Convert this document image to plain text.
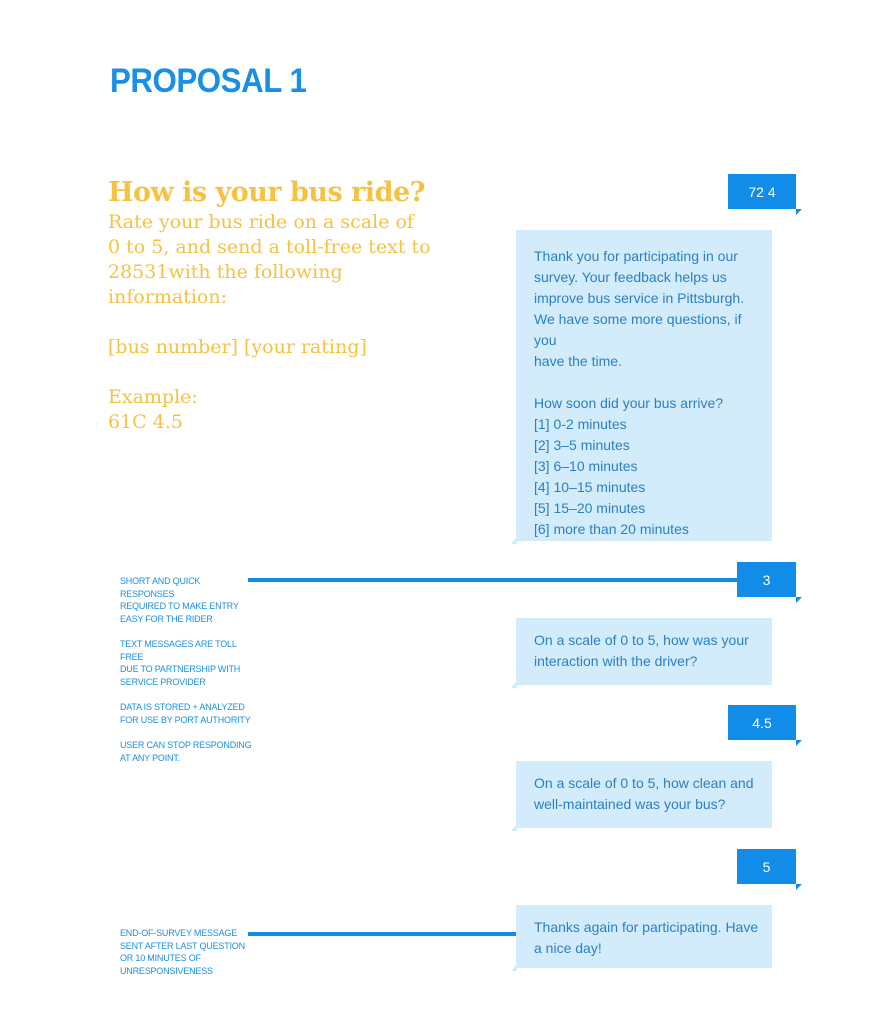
PROPOSAL 1
How is your bus ride?

Rate your bus ride on a scale of
0 to 5, and send a toll-free text to
28531with the following
information:

[bus number] [your rating]

Example:

61C 4.5

72 4

Thank you for participating in our
survey. Your feedback helps us
improve bus service in Pittsburgh.
We have some more questions, if you
have the time.

How soon did your bus arrive?

[1] 0-2 minutes

[2] 3–5 minutes

[3] 6–10 minutes

[4] 10–15 minutes

[5] 15–20 minutes

[6] more than 20 minutes

3

On a scale of 0 to 5, how was your
interaction with the driver?

4.5

On a scale of 0 to 5, how clean and
well-maintained was your bus?

5

Thanks again for participating. Have
a nice day!

SHORT AND QUICK RESPONSES
REQUIRED TO MAKE ENTRY
EASY FOR THE RIDER
TEXT MESSAGES ARE TOLL FREE
DUE TO PARTNERSHIP WITH
SERVICE PROVIDER
DATA IS STORED + ANALYZED
FOR USE BY PORT AUTHORITY
USER CAN STOP RESPONDING
AT ANY POINT.
END-OF-SURVEY MESSAGE
SENT AFTER LAST QUESTION
OR 10 MINUTES OF
UNRESPONSIVENESS
